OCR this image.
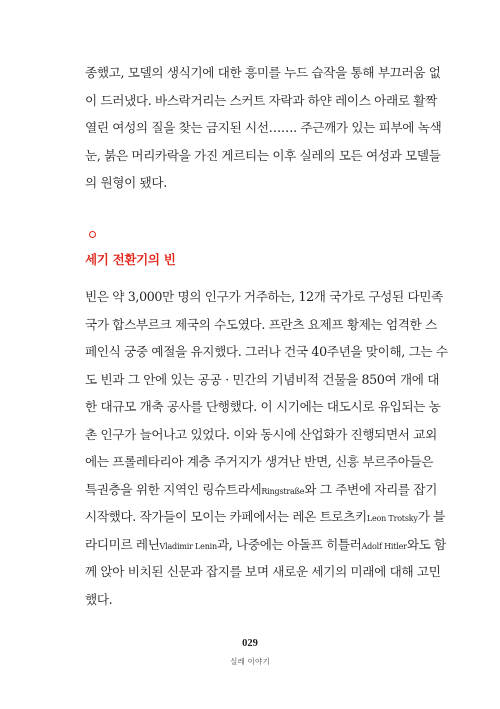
종했고, 모델의 생식기에 대한 흥미를 누드 습작을 통해 부끄러움 없
이 드러냈다. 바스락거리는 스커트 자락과 하얀 레이스 아래로 활짝
열린 여성의 질을 찾는 금지된 시선……. 주근깨가 있는 피부에 녹색
눈, 붉은 머리카락을 가진 게르티는 이후 실레의 모든 여성과 모델들
의 원형이 됐다.

세기 전환기의 빈

빈은 약 3,000만 명의 인구가 거주하는, 12개 국가로 구성된 다민족
국가 합스부르크 제국의 수도였다. 프란츠 요제프 황제는 엄격한 스
페인식 궁중 예절을 유지했다. 그러나 건국 40주년을 맞이해, 그는 수
도 빈과 그 안에 있는 공공 · 민간의 기념비적 건물을 850여 개에 대
한 대규모 개축 공사를 단행했다. 이 시기에는 대도시로 유입되는 농
촌 인구가 늘어나고 있었다. 이와 동시에 산업화가 진행되면서 교외
에는 프롤레타리아 계층 주거지가 생겨난 반면, 신흥 부르주아들은
특권층을 위한 지역인 링슈트라세Ringstraße와 그 주변에 자리를 잡기
시작했다. 작가들이 모이는 카페에서는 레온 트로츠키Leon Trotsky가 블
라디미르 레닌Vladimir Lenin과, 나중에는 아돌프 히틀러Adolf Hitler와도 함
께 앉아 비치된 신문과 잡지를 보며 새로운 세기의 미래에 대해 고민
했다.

029
실레 이야기
